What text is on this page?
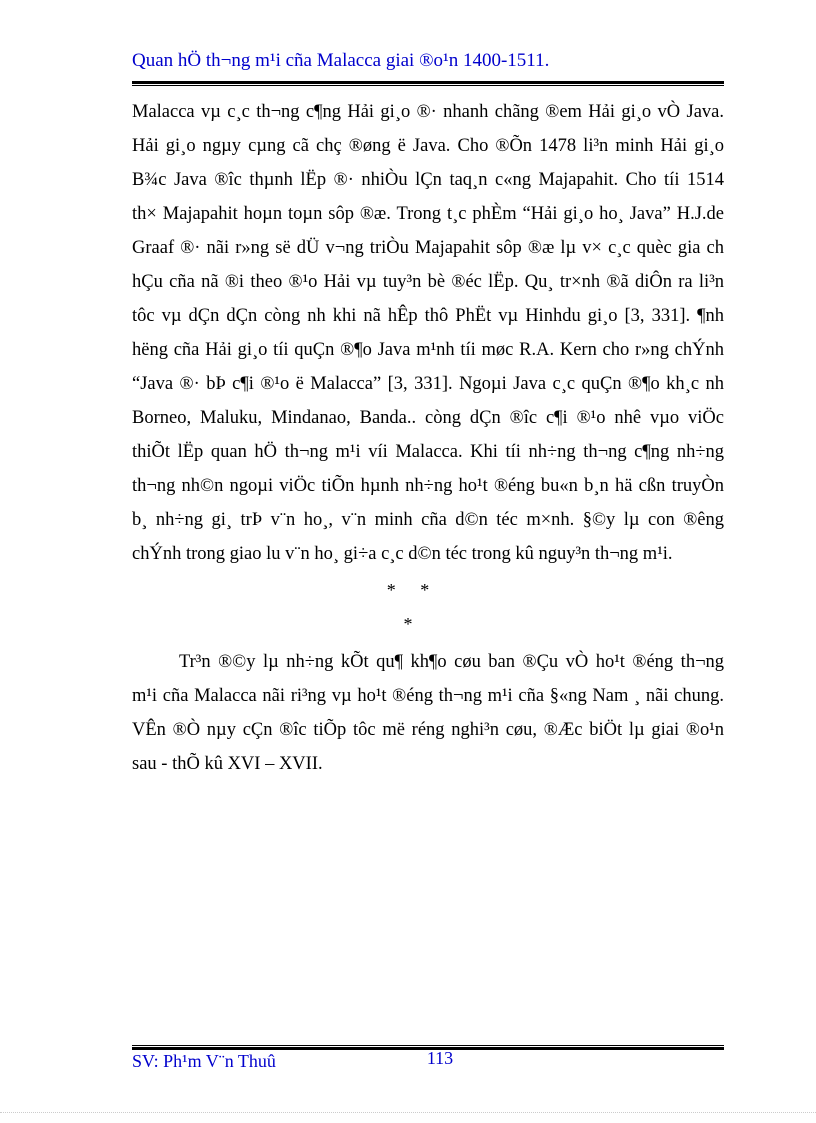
Quan hÖ th¬ng m¹i cña Malacca giai ®o¹n 1400-1511.
Malacca vµ c¸c th¬ng c¶ng Hải gi¸o ®· nhanh chãng ®em Hải gi¸o vÒ Java.
Hải gi¸o ngµy cµng cã chç ®øng ë Java. Cho ®Õn 1478 li³n minh Hải gi¸o
B¾c Java ®îc thµnh lËp ®· nhiÒu lÇn taq¸n c«ng Majapahit. Cho tíi 1514
th× Majapahit hoµn toµn sôp ®æ. Trong t¸c phÈm “Hải gi¸o ho¸ Java” H.J.de
Graaf ®· nãi r»ng së dÜ v¬ng triÒu Majapahit sôp ®æ lµ v× c¸c quèc gia ch
hÇu cña nã ®i theo ®¹o Hải vµ tuy³n bè ®éc lËp. Qu¸ tr×nh ®ã diÔn ra li³n
tôc vµ dÇn dÇn còng nh khi nã hÊp thô PhËt vµ Hinhdu gi¸o [3, 331]. ¶nh
hëng cña Hải gi¸o tíi quÇn ®¶o Java m¹nh tíi møc R.A. Kern cho r»ng chÝnh
“Java ®· bÞ c¶i ®¹o ë Malacca” [3, 331]. Ngoµi Java c¸c quÇn ®¶o kh¸c nh
Borneo, Maluku, Mindanao, Banda.. còng dÇn ®îc c¶i ®¹o nhê vµo viÖc
thiÕt lËp quan hÖ th¬ng m¹i víi Malacca. Khi tíi nh÷ng th¬ng c¶ng nh÷ng
th¬ng nh©n ngoµi viÖc tiÕn hµnh nh÷ng ho¹t ®éng bu«n b¸n hä cßn truyÒn
b¸ nh÷ng gi¸ trÞ v¨n ho¸, v¨n minh cña d©n téc m×nh. §©y lµ con ®êng
chÝnh trong giao lu v¨n ho¸ gi÷a c¸c d©n téc trong kû nguy³n th¬ng m¹i.
* *
*
Tr³n ®©y lµ nh÷ng kÕt qu¶ kh¶o cøu ban ®Çu vÒ ho¹t ®éng th¬ng
m¹i cña Malacca nãi ri³ng vµ ho¹t ®éng th¬ng m¹i cña §«ng Nam ¸ nãi chung.
VÊn ®Ò nµy cÇn ®îc tiÕp tôc më réng nghi³n cøu, ®Æc biÖt lµ giai ®o¹n
sau - thÕ kû XVI – XVII.
SV: Ph¹m V¨n Thuû	113
